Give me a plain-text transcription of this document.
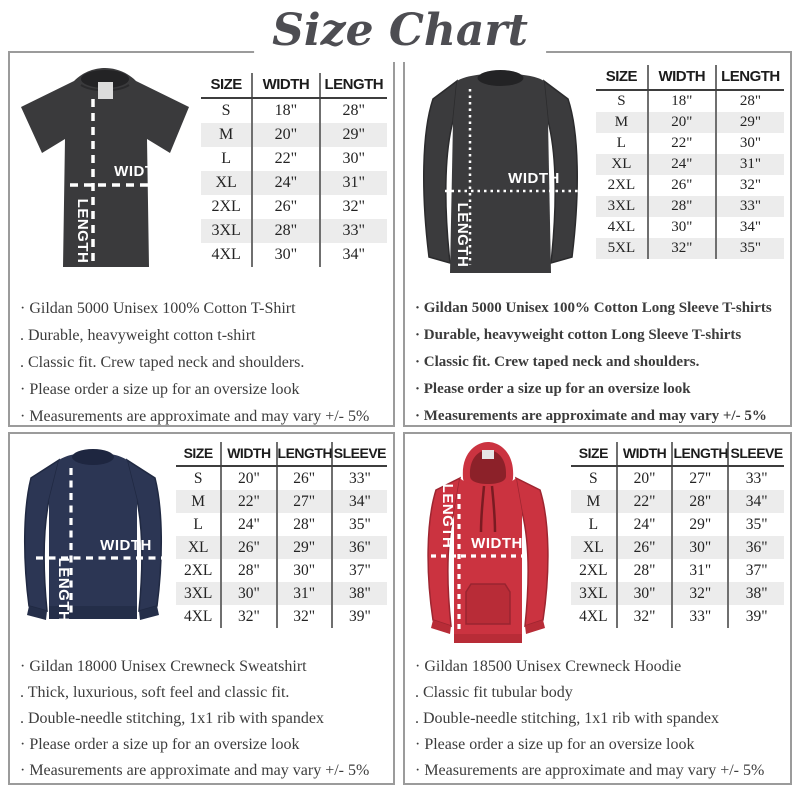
Size Chart
WIDTH
LENGTH
SIZE	WIDTH	LENGTH
S	18"	28"
M	20"	29"
L	22"	30"
XL	24"	31"
2XL	26"	32"
3XL	28"	33"
4XL	30"	34"
· Gildan 5000 Unisex 100% Cotton T-Shirt
. Durable, heavyweight cotton t-shirt
. Classic fit. Crew taped neck and shoulders.
· Please order a size up for an oversize look
· Measurements are approximate and may vary +/- 5%
WIDTH
LENGTH
SIZE	WIDTH	LENGTH
S	18"	28"
M	20"	29"
L	22"	30"
XL	24"	31"
2XL	26"	32"
3XL	28"	33"
4XL	30"	34"
5XL	32"	35"
· Gildan 5000 Unisex 100% Cotton Long Sleeve T-shirts
· Durable, heavyweight cotton Long Sleeve T-shirts
· Classic fit. Crew taped neck and shoulders.
· Please order a size up for an oversize look
· Measurements are approximate and may vary +/- 5%
WIDTH
LENGTH
SIZE	WIDTH	LENGTH	SLEEVE
S	20"	26"	33"
M	22"	27"	34"
L	24"	28"	35"
XL	26"	29"	36"
2XL	28"	30"	37"
3XL	30"	31"	38"
4XL	32"	32"	39"
· Gildan 18000 Unisex Crewneck Sweatshirt
. Thick, luxurious, soft feel and classic fit.
. Double-needle stitching, 1x1 rib with spandex
· Please order a size up for an oversize look
· Measurements are approximate and may vary +/- 5%
WIDTH
LENGTH
SIZE	WIDTH	LENGTH	SLEEVE
S	20"	27"	33"
M	22"	28"	34"
L	24"	29"	35"
XL	26"	30"	36"
2XL	28"	31"	37"
3XL	30"	32"	38"
4XL	32"	33"	39"
· Gildan 18500 Unisex Crewneck Hoodie
. Classic fit tubular body
. Double-needle stitching, 1x1 rib with spandex
· Please order a size up for an oversize look
· Measurements are approximate and may vary +/- 5%
